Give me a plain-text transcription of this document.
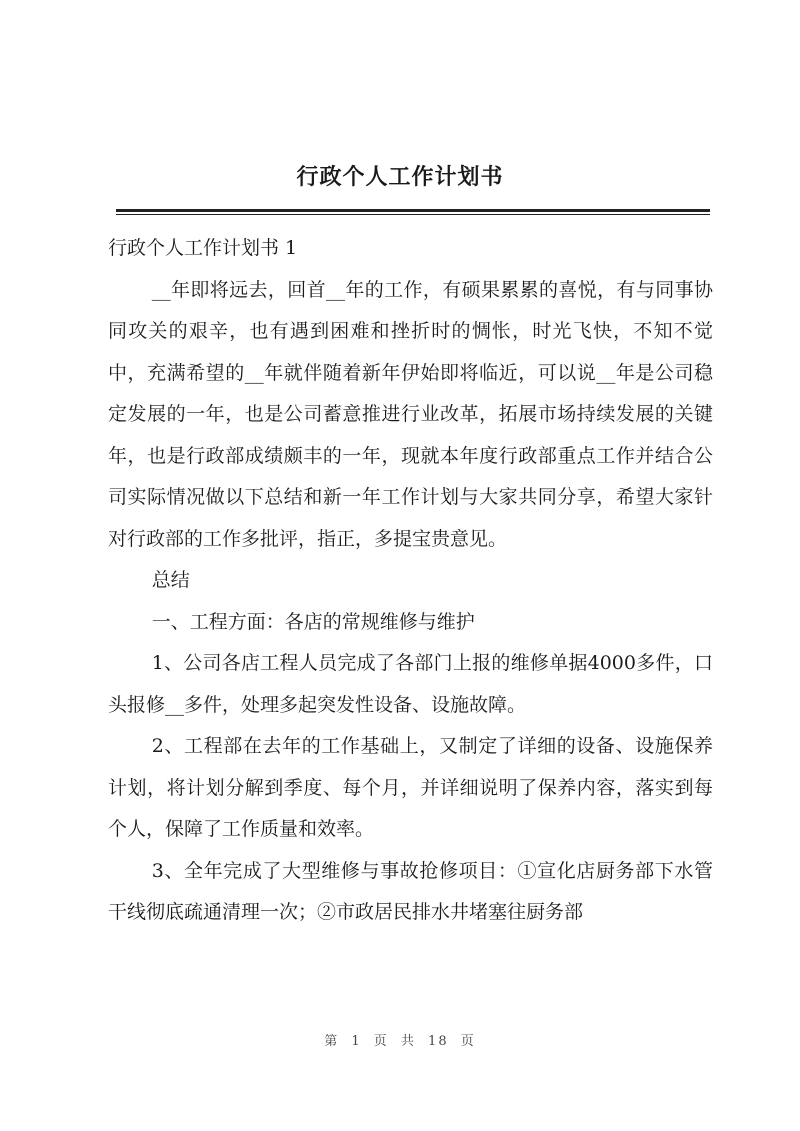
行政个人工作计划书

行政个人工作计划书 1

__年即将远去，回首__年的工作，有硕果累累的喜悦，有与同事协同攻关的艰辛，也有遇到困难和挫折时的惆怅，时光飞快，不知不觉中，充满希望的__年就伴随着新年伊始即将临近，可以说__年是公司稳定发展的一年，也是公司蓄意推进行业改革，拓展市场持续发展的关键年，也是行政部成绩颇丰的一年，现就本年度行政部重点工作并结合公司实际情况做以下总结和新一年工作计划与大家共同分享，希望大家针对行政部的工作多批评，指正，多提宝贵意见。

总结

一、工程方面：各店的常规维修与维护

1、公司各店工程人员完成了各部门上报的维修单据4000多件，口头报修__多件，处理多起突发性设备、设施故障。

2、工程部在去年的工作基础上，又制定了详细的设备、设施保养计划，将计划分解到季度、每个月，并详细说明了保养内容，落实到每个人，保障了工作质量和效率。

3、全年完成了大型维修与事故抢修项目：①宣化店厨务部下水管干线彻底疏通清理一次；②市政居民排水井堵塞往厨务部

第 1 页 共 18 页
